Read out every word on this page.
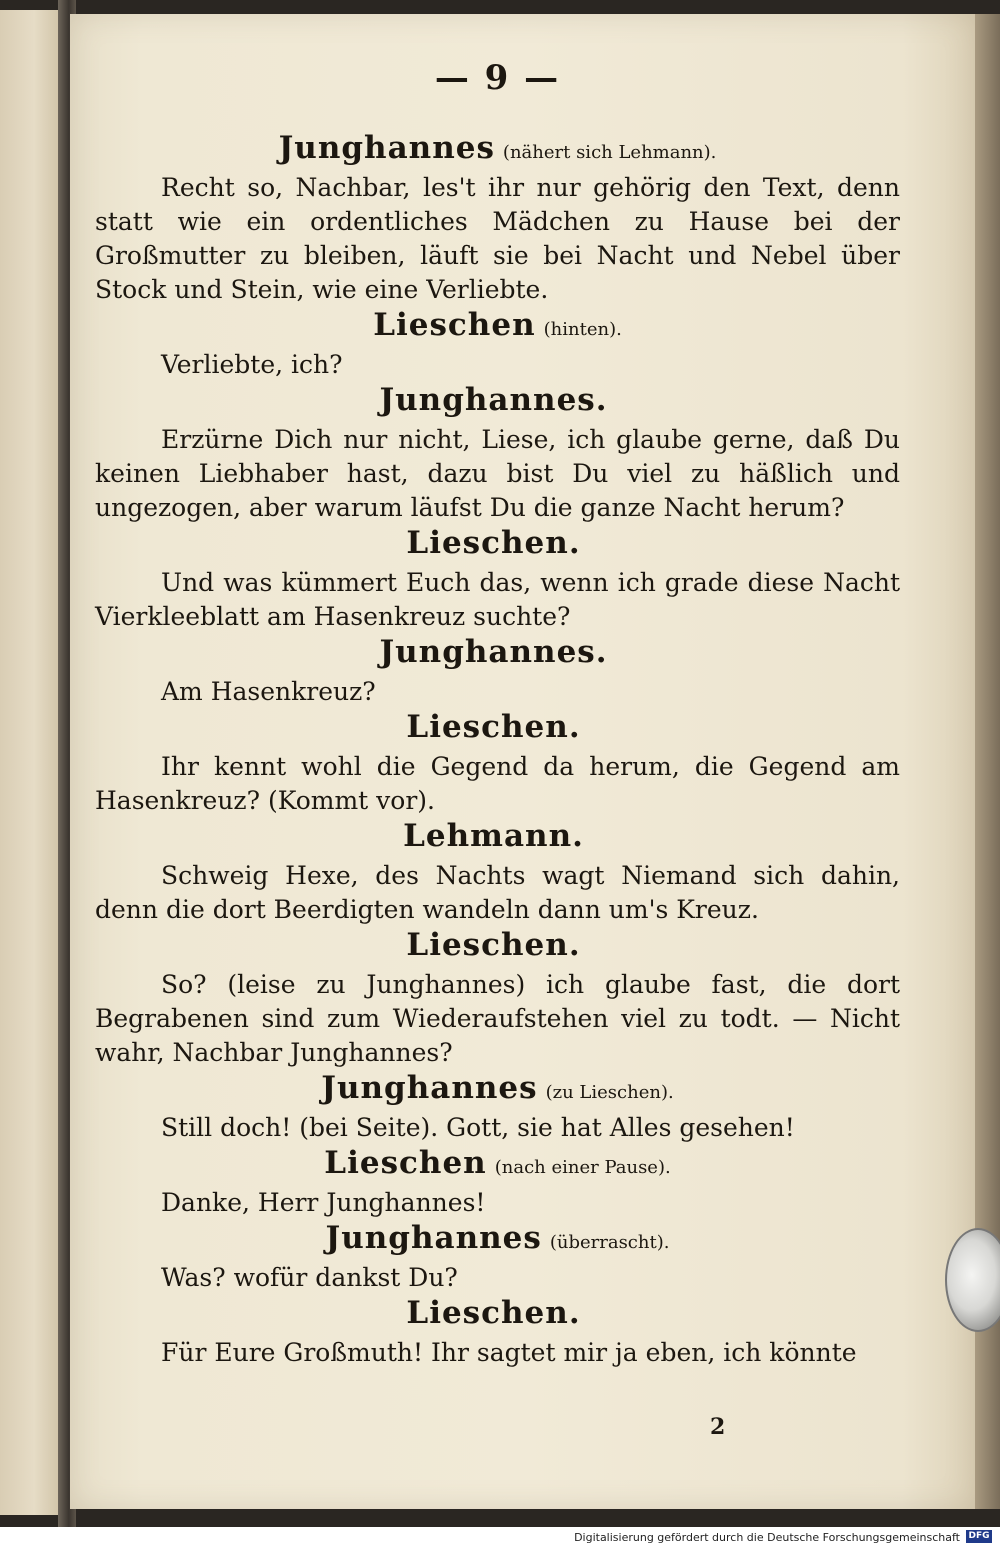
— 9 —

Junghannes (nähert sich Lehmann).

Recht so, Nachbar, les't ihr nur gehörig den Text, denn statt wie ein ordentliches Mädchen zu Hause bei der Großmutter zu bleiben, läuft sie bei Nacht und Nebel über Stock und Stein, wie eine Verliebte.

Lieschen (hinten).

Verliebte, ich?

Junghannes.

Erzürne Dich nur nicht, Liese, ich glaube gerne, daß Du keinen Liebhaber hast, dazu bist Du viel zu häßlich und ungezogen, aber warum läufst Du die ganze Nacht herum?

Lieschen.

Und was kümmert Euch das, wenn ich grade diese Nacht Vierkleeblatt am Hasenkreuz suchte?

Junghannes.

Am Hasenkreuz?

Lieschen.

Ihr kennt wohl die Gegend da herum, die Gegend am Hasenkreuz? (Kommt vor).

Lehmann.

Schweig Hexe, des Nachts wagt Niemand sich dahin, denn die dort Beerdigten wandeln dann um's Kreuz.

Lieschen.

So? (leise zu Junghannes) ich glaube fast, die dort Begrabenen sind zum Wiederaufstehen viel zu todt. — Nicht wahr, Nachbar Junghannes?

Junghannes (zu Lieschen).

Still doch! (bei Seite). Gott, sie hat Alles gesehen!

Lieschen (nach einer Pause).

Danke, Herr Junghannes!

Junghannes (überrascht).

Was? wofür dankst Du?

Lieschen.

Für Eure Großmuth! Ihr sagtet mir ja eben, ich könnte

2
Digitalisierung gefördert durch die Deutsche Forschungsgemeinschaft DFG
